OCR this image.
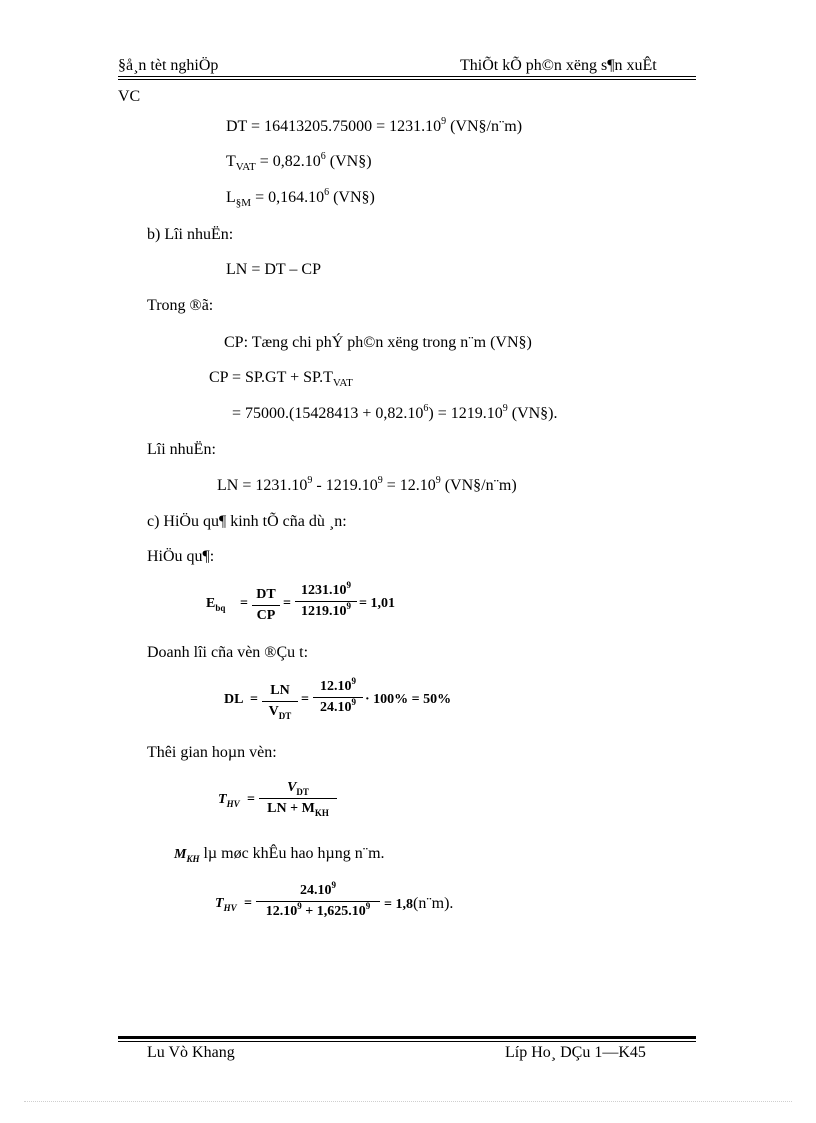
§å¸n tèt nghiÖp	ThiÕt kÕ ph©n xëng s¶n xuÊt
VC
DT = $16413205.75000 = 1231.10^9$ (VN§/n¨m)
$T_{VAT} = 0,82.10^6$ (VN§)
$L_{\S M} = 0,164.10^6$ (VN§)
b) Lîi nhuËn:
LN = DT – CP
Trong ®ã:
CP: Tæng chi phÝ ph©n xëng trong n¨m (VN§)
CP = $SP.GT + SP.T_{VAT}$
= $75000.(15428413 + 0,82.10^6) = 1219.10^9$ (VN§).
Lîi nhuËn:
LN = $1231.10^9 - 1219.10^9 = 12.10^9$ (VN§/n¨m)
c) HiÖu qu¶ kinh tÕ cña dù ¸n:
HiÖu qu¶:
$E_{bq} = \frac{DT}{CP} = \frac{1231.10^9}{1219.10^9} = 1,01$
Doanh lîi cña vèn ®Çu t:
DL =
LN
$V_{DT}$
= $\frac{12.10^9}{24.10^9} \cdot 100\% = 50\%$
Thêi gian hoµn vèn:
$T_{HV}$ =
$V_{DT}$
LN + $M_{KH}$
$M_{KH}$ lµ møc khÊu hao hµng n¨m.
$T_{HV} = \frac{24.10^9}{12.10^9 + 1,625.10^9}$ = 1,8(n¨m).
Lu Vò Khang	Líp Ho¸ DÇu 1—K45
